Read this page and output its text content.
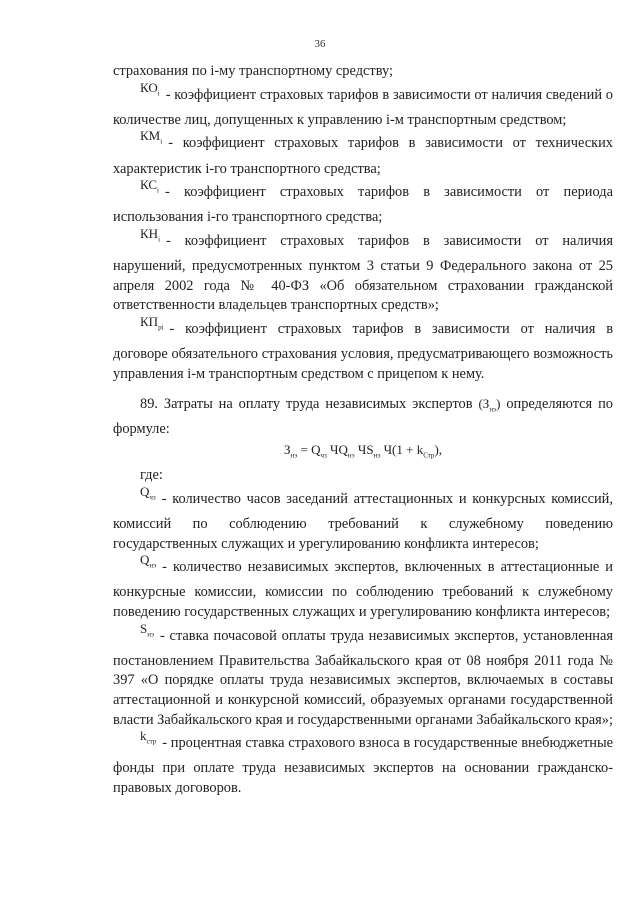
36

страхования по i-му транспортному средству;

$КО_i$ - коэффициент страховых тарифов в зависимости от наличия сведений о количестве лиц, допущенных к управлению i-м транспортным средством;

$КМ_i$ - коэффициент страховых тарифов в зависимости от технических характеристик i-го транспортного средства;

$КС_i$ - коэффициент страховых тарифов в зависимости от периода использования i-го транспортного средства;

$КН_i$ - коэффициент страховых тарифов в зависимости от наличия нарушений, предусмотренных пунктом 3 статьи 9 Федерального закона от 25 апреля 2002 года № 40-ФЗ «Об обязательном страховании гражданской ответственности владельцев транспортных средств»;

$КП_{рi}$ - коэффициент страховых тарифов в зависимости от наличия в договоре обязательного страхования условия, предусматривающего возможность управления i-м транспортным средством с прицепом к нему.

89. Затраты на оплату труда независимых экспертов $(З_{нэ})$ определяются по формуле:

$З_{нэ} = Q_{чз}$ $ЧQ_{нэ}$ $ЧS_{нэ}$ $Ч(1 + k_{Стр})$,

где:

$Q_{чз}$ - количество часов заседаний аттестационных и конкурсных комиссий, комиссий по соблюдению требований к служебному поведению государственных служащих и урегулированию конфликта интересов;

$Q_{нэ}$ - количество независимых экспертов, включенных в аттестационные и конкурсные комиссии, комиссии по соблюдению требований к служебному поведению государственных служащих и урегулированию конфликта интересов;

$S_{нэ}$ - ставка почасовой оплаты труда независимых экспертов, установленная постановлением Правительства Забайкальского края от 08 ноября 2011 года № 397 «О порядке оплаты труда независимых экспертов, включаемых в составы аттестационной и конкурсной комиссий, образуемых органами государственной власти Забайкальского края и государственными органами Забайкальского края»;

$k_{стр}$ - процентная ставка страхового взноса в государственные внебюджетные фонды при оплате труда независимых экспертов на основании гражданско-правовых договоров.
